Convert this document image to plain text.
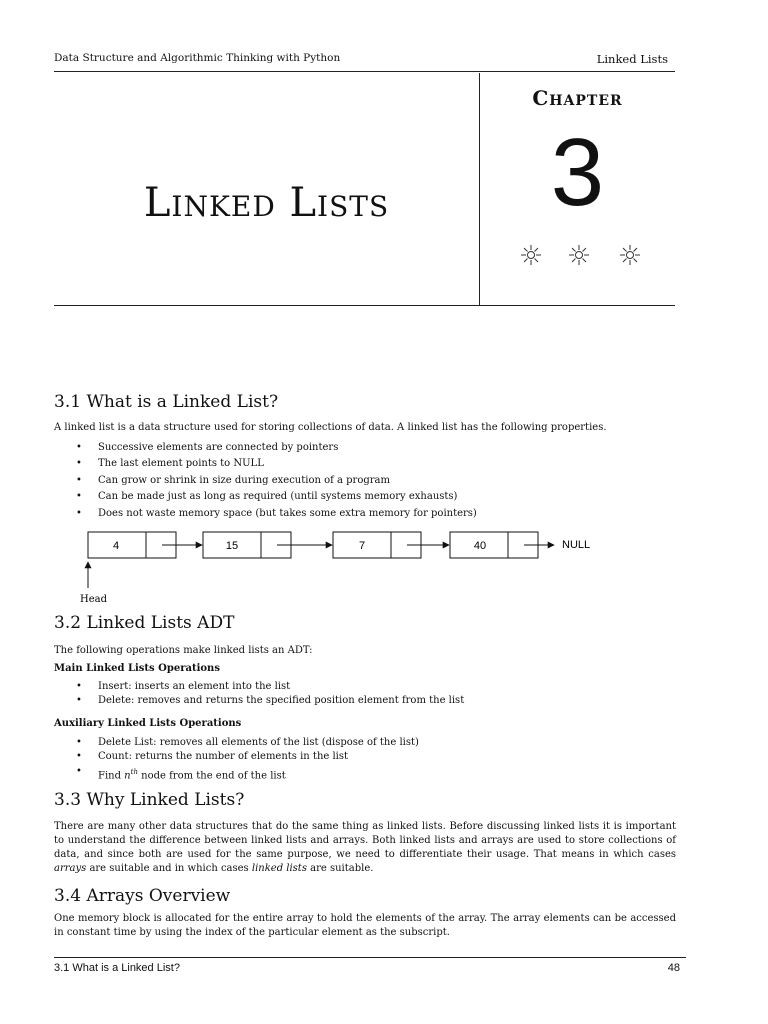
Data Structure and Algorithmic Thinking with Python	Linked Lists
Linked Lists
Chapter
3
3.1 What is a Linked List?
A linked list is a data structure used for storing collections of data. A linked list has the following properties.
• Successive elements are connected by pointers
• The last element points to NULL
• Can grow or shrink in size during execution of a program
• Can be made just as long as required (until systems memory exhausts)
• Does not waste memory space (but takes some extra memory for pointers)
4	15	7	40	NULL
Head
3.2 Linked Lists ADT
The following operations make linked lists an ADT:
Main Linked Lists Operations
• Insert: inserts an element into the list
• Delete: removes and returns the specified position element from the list
Auxiliary Linked Lists Operations
• Delete List: removes all elements of the list (dispose of the list)
• Count: returns the number of elements in the list
• Find $n^{th}$ node from the end of the list
3.3 Why Linked Lists?
There are many other data structures that do the same thing as linked lists. Before discussing linked lists it is important to understand the difference between linked lists and arrays. Both linked lists and arrays are used to store collections of data, and since both are used for the same purpose, we need to differentiate their usage. That means in which cases arrays are suitable and in which cases linked lists are suitable.
3.4 Arrays Overview
One memory block is allocated for the entire array to hold the elements of the array. The array elements can be accessed in constant time by using the index of the particular element as the subscript.
3.1 What is a Linked List?	48
